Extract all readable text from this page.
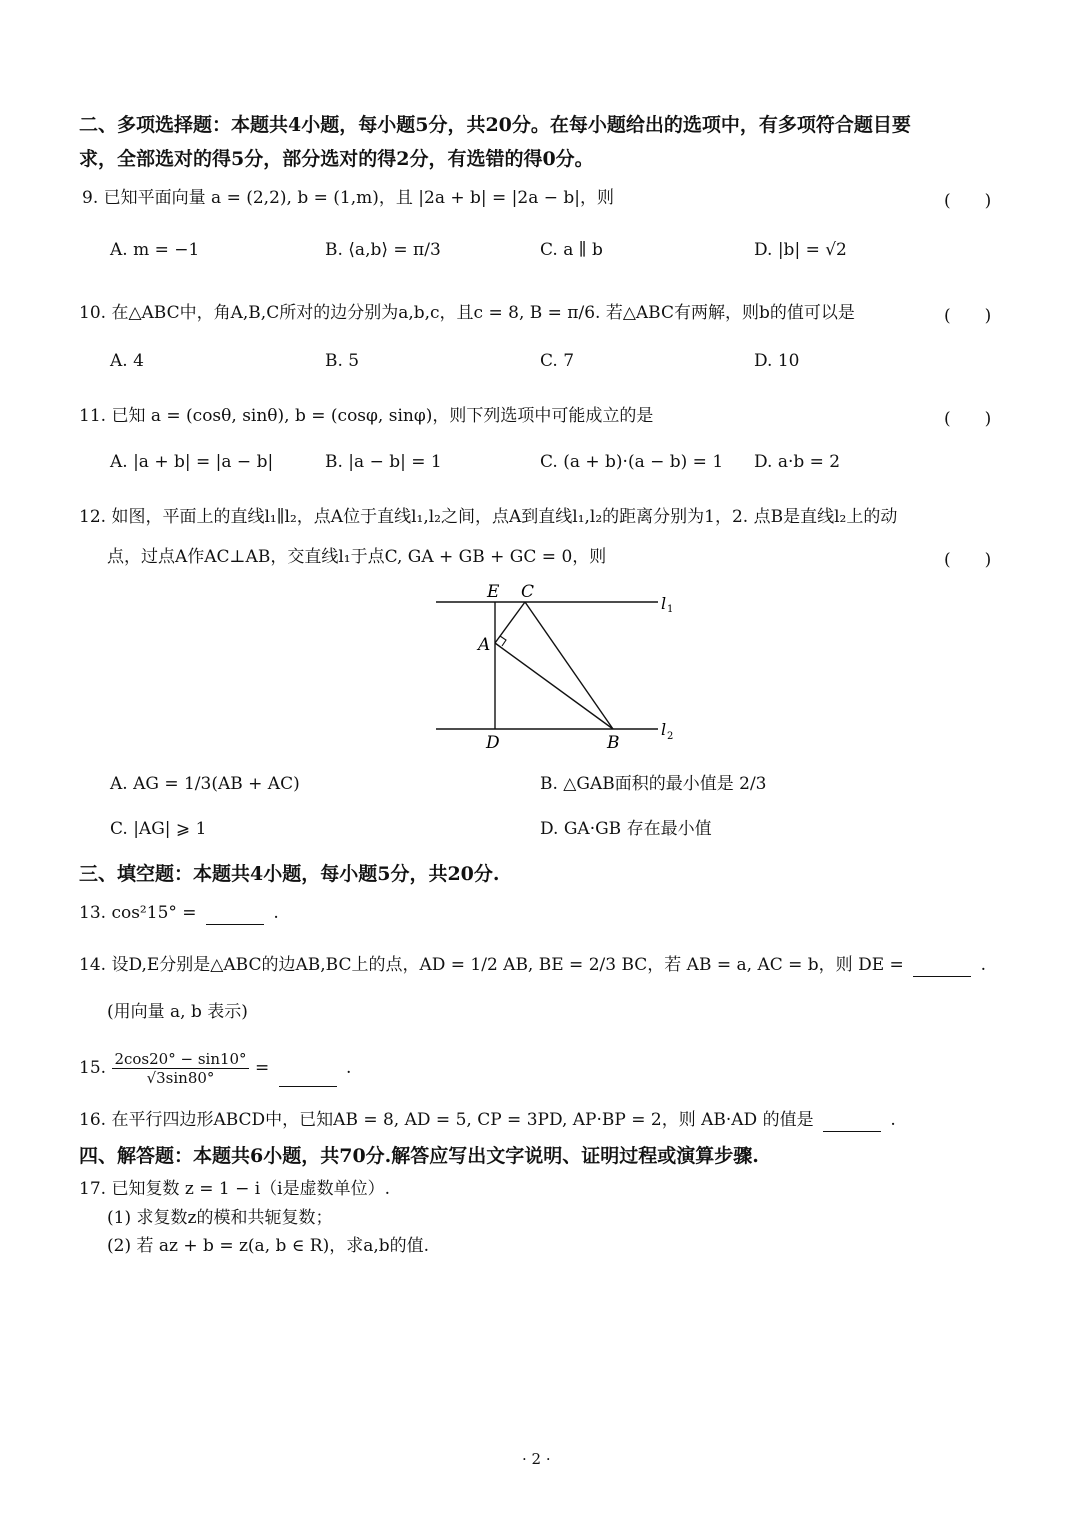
二、多项选择题：本题共4小题，每小题5分，共20分。在每小题给出的选项中，有多项符合题目要
求，全部选对的得5分，部分选对的得2分，有选错的得0分。
9. 已知平面向量 a = (2,2), b = (1,m)，且 |2a + b| = |2a − b|，则	(　　)
A. m = −1	B. ⟨a,b⟩ = π/3	C. a ∥ b	D. |b| = √2
10. 在△ABC中，角A,B,C所对的边分别为a,b,c，且c = 8, B = π/6. 若△ABC有两解，则b的值可以是	(　　)
A. 4	B. 5	C. 7	D. 10
11. 已知 a = (cosθ, sinθ), b = (cosφ, sinφ)，则下列选项中可能成立的是	(　　)
A. |a + b| = |a − b|	B. |a − b| = 1	C. (a + b)·(a − b) = 1 D. a·b = 2
12. 如图，平面上的直线l₁∥l₂，点A位于直线l₁,l₂之间，点A到直线l₁,l₂的距离分别为1，2. 点B是直线l₂上的动
点，过点A作AC⊥AB，交直线l₁于点C, GA + GB + GC = 0，则	(　　)
E C
A
D	B
l 1
l 2
A. AG = 1/3(AB + AC)	B. △GAB面积的最小值是 2/3
C. |AG| ⩾ 1	D. GA·GB 存在最小值
三、填空题：本题共4小题，每小题5分，共20分.
13. cos²15° =	.
14. 设D,E分别是△ABC的边AB,BC上的点，AD = 1/2 AB, BE = 2/3 BC，若 AB = a, AC = b，则 DE =	.
(用向量 a, b 表示)
15. $\frac{2\cos 20^\circ - \sin 10^\circ}{√3\sin 80^\circ}$ =	.
16. 在平行四边形ABCD中，已知AB = 8, AD = 5, CP = 3PD, AP·BP = 2，则 AB·AD 的值是	.
四、解答题：本题共6小题，共70分.解答应写出文字说明、证明过程或演算步骤.
17. 已知复数 z = 1 − i（i是虚数单位）.
(1) 求复数z的模和共轭复数；
(2) 若 az + b = z(a, b ∈ R)，求a,b的值.
· 2 ·
